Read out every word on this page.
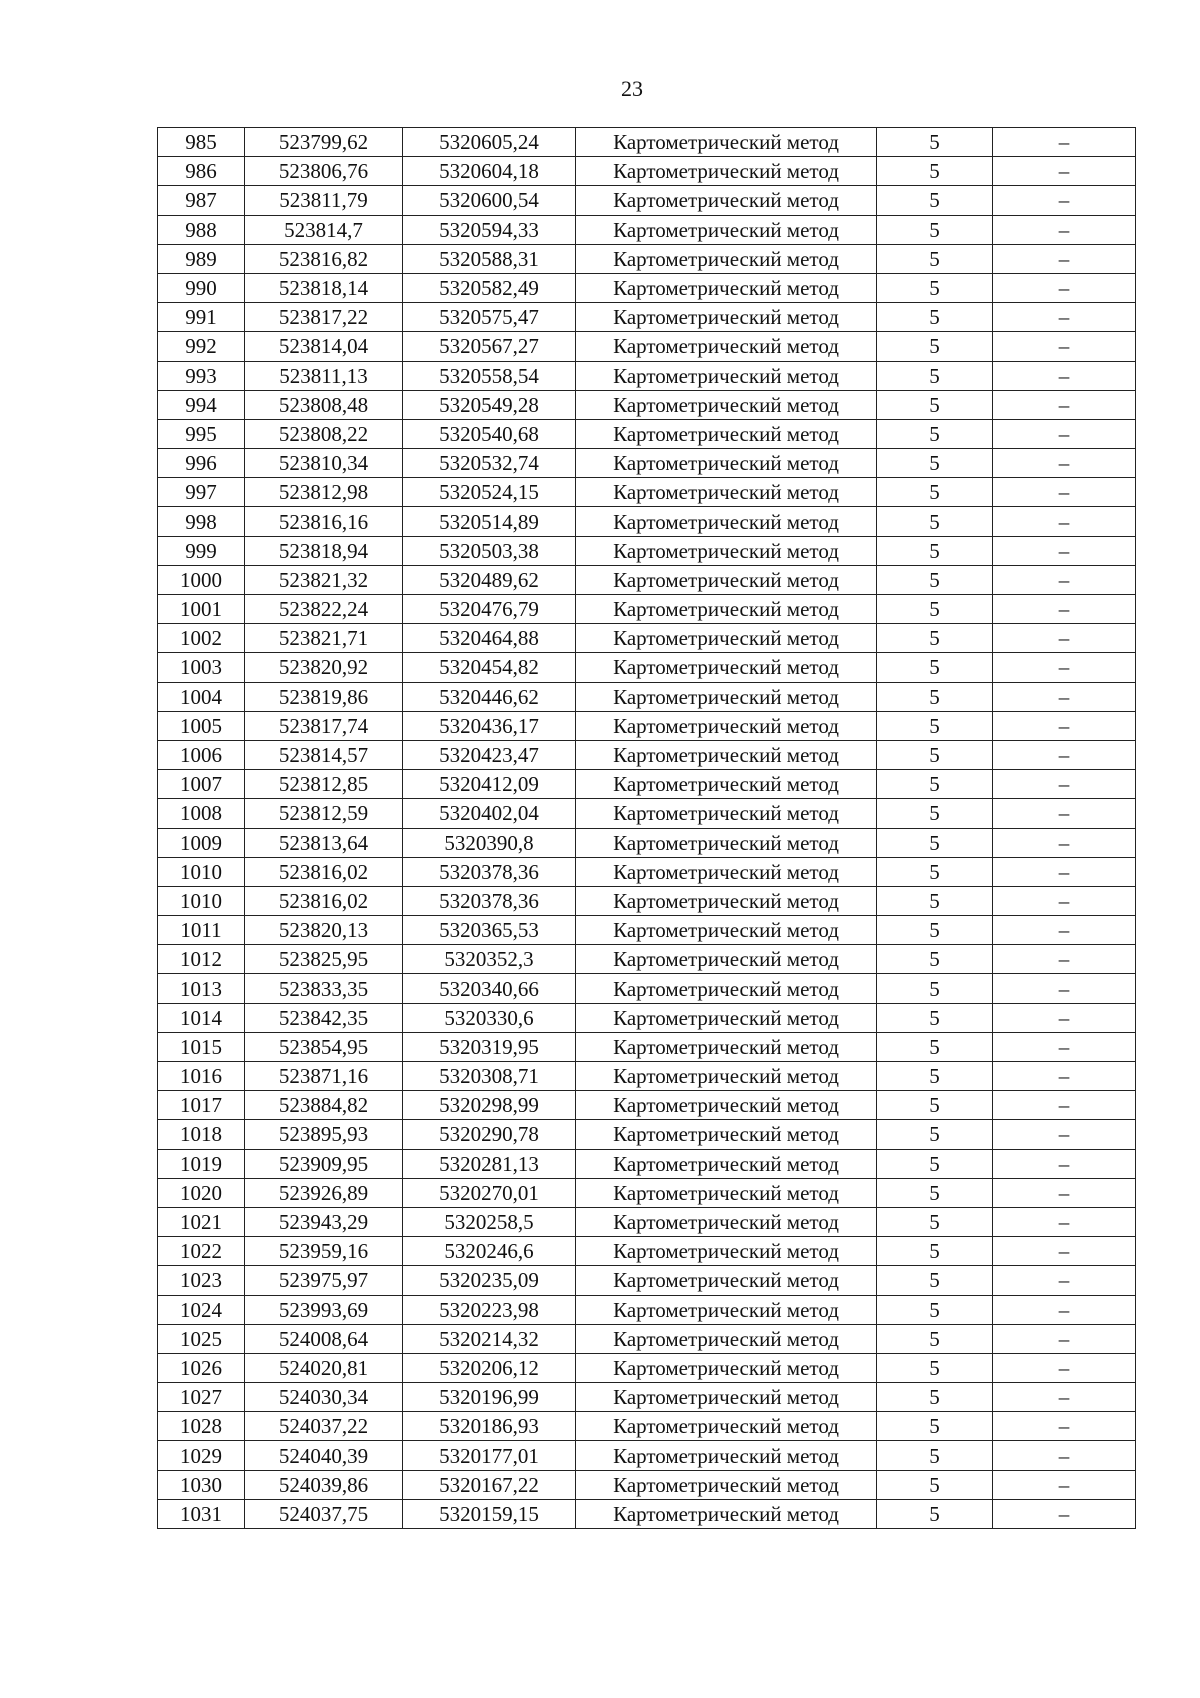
23
985	523799,62	5320605,24	Картометрический метод	5	–
986	523806,76	5320604,18	Картометрический метод	5	–
987	523811,79	5320600,54	Картометрический метод	5	–
988	523814,7	5320594,33	Картометрический метод	5	–
989	523816,82	5320588,31	Картометрический метод	5	–
990	523818,14	5320582,49	Картометрический метод	5	–
991	523817,22	5320575,47	Картометрический метод	5	–
992	523814,04	5320567,27	Картометрический метод	5	–
993	523811,13	5320558,54	Картометрический метод	5	–
994	523808,48	5320549,28	Картометрический метод	5	–
995	523808,22	5320540,68	Картометрический метод	5	–
996	523810,34	5320532,74	Картометрический метод	5	–
997	523812,98	5320524,15	Картометрический метод	5	–
998	523816,16	5320514,89	Картометрический метод	5	–
999	523818,94	5320503,38	Картометрический метод	5	–
1000	523821,32	5320489,62	Картометрический метод	5	–
1001	523822,24	5320476,79	Картометрический метод	5	–
1002	523821,71	5320464,88	Картометрический метод	5	–
1003	523820,92	5320454,82	Картометрический метод	5	–
1004	523819,86	5320446,62	Картометрический метод	5	–
1005	523817,74	5320436,17	Картометрический метод	5	–
1006	523814,57	5320423,47	Картометрический метод	5	–
1007	523812,85	5320412,09	Картометрический метод	5	–
1008	523812,59	5320402,04	Картометрический метод	5	–
1009	523813,64	5320390,8	Картометрический метод	5	–
1010	523816,02	5320378,36	Картометрический метод	5	–
1010	523816,02	5320378,36	Картометрический метод	5	–
1011	523820,13	5320365,53	Картометрический метод	5	–
1012	523825,95	5320352,3	Картометрический метод	5	–
1013	523833,35	5320340,66	Картометрический метод	5	–
1014	523842,35	5320330,6	Картометрический метод	5	–
1015	523854,95	5320319,95	Картометрический метод	5	–
1016	523871,16	5320308,71	Картометрический метод	5	–
1017	523884,82	5320298,99	Картометрический метод	5	–
1018	523895,93	5320290,78	Картометрический метод	5	–
1019	523909,95	5320281,13	Картометрический метод	5	–
1020	523926,89	5320270,01	Картометрический метод	5	–
1021	523943,29	5320258,5	Картометрический метод	5	–
1022	523959,16	5320246,6	Картометрический метод	5	–
1023	523975,97	5320235,09	Картометрический метод	5	–
1024	523993,69	5320223,98	Картометрический метод	5	–
1025	524008,64	5320214,32	Картометрический метод	5	–
1026	524020,81	5320206,12	Картометрический метод	5	–
1027	524030,34	5320196,99	Картометрический метод	5	–
1028	524037,22	5320186,93	Картометрический метод	5	–
1029	524040,39	5320177,01	Картометрический метод	5	–
1030	524039,86	5320167,22	Картометрический метод	5	–
1031	524037,75	5320159,15	Картометрический метод	5	–
